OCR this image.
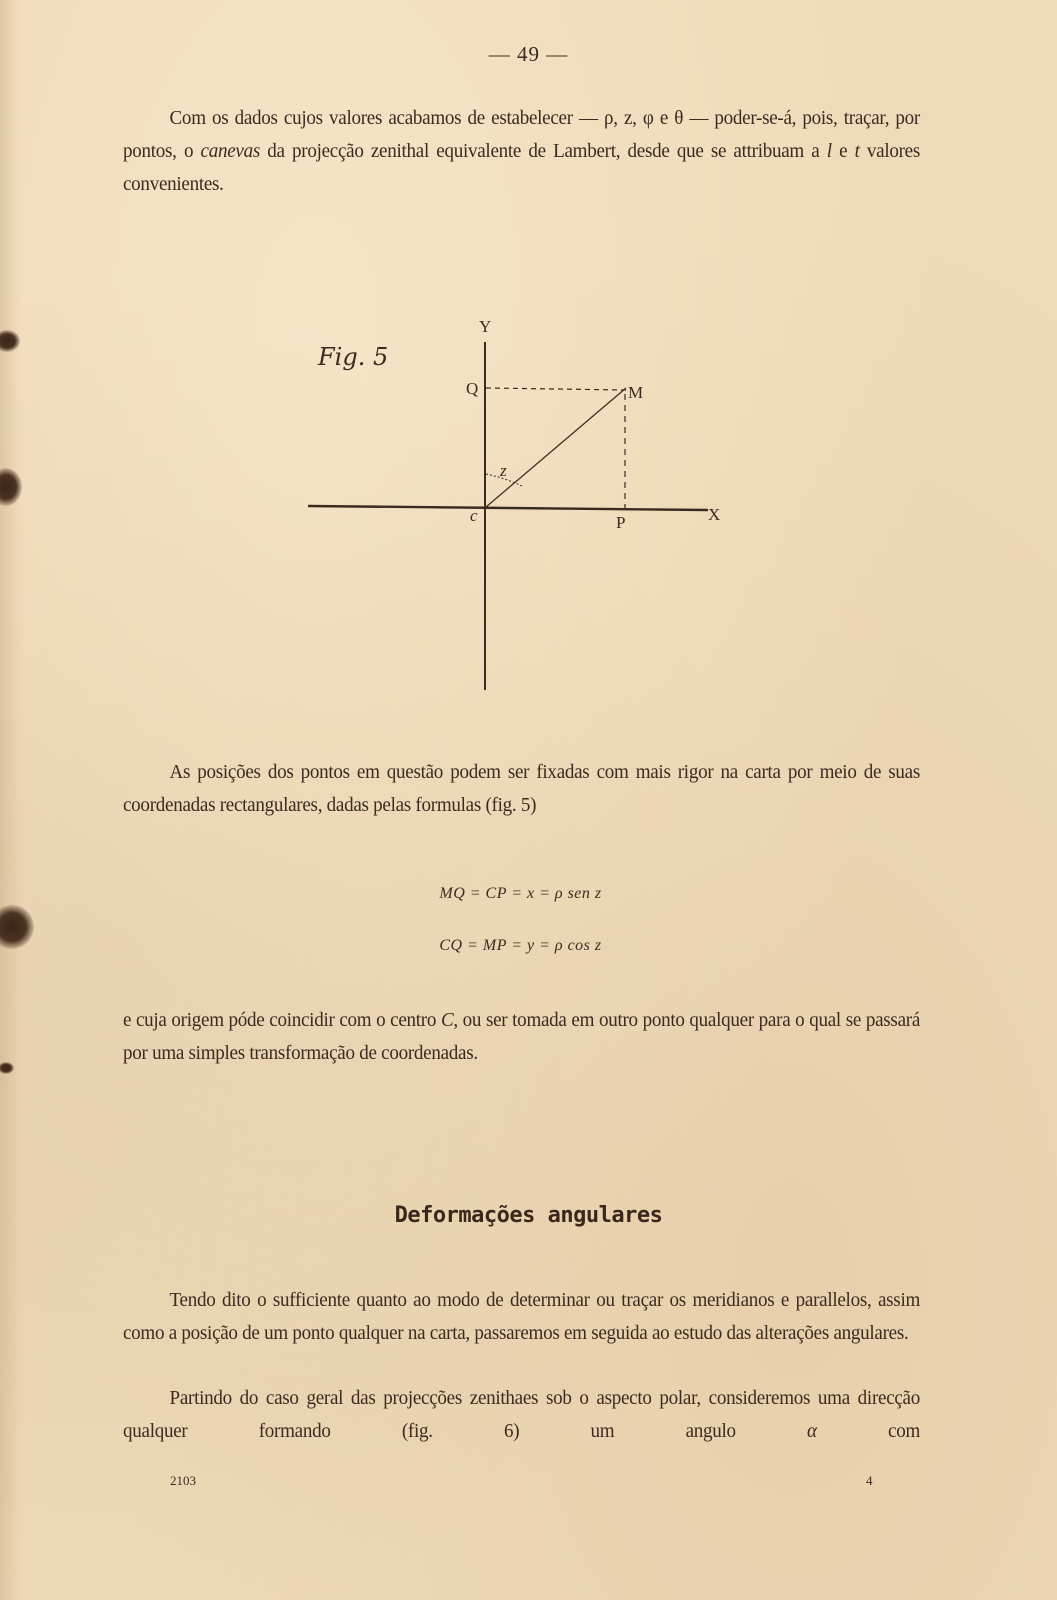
— 49 —
Com os dados cujos valores acabamos de estabelecer — ρ, z, φ e θ — poder-se-á, pois, traçar, por pontos, o canevas da projecção zenithal equivalente de Lambert, desde que se attribuam a l e t valores convenientes.
Fig. 5
Y
X
Q	M
P
c
z
As posições dos pontos em questão podem ser fixadas com mais rigor na carta por meio de suas coordenadas rectangulares, dadas pelas formulas (fig. 5)
MQ = CP = x = ρ sen z
CQ = MP = y = ρ cos z
e cuja origem póde coincidir com o centro C, ou ser tomada em outro ponto qualquer para o qual se passará por uma simples transformação de coordenadas.
Deformações angulares
Tendo dito o sufficiente quanto ao modo de determinar ou traçar os meridianos e parallelos, assim como a posição de um ponto qualquer na carta, passaremos em seguida ao estudo das alterações angulares.
Partindo do caso geral das projecções zenithaes sob o aspecto polar, consideremos uma direcção qualquer formando (fig. 6) um angulo α com
2103	4
